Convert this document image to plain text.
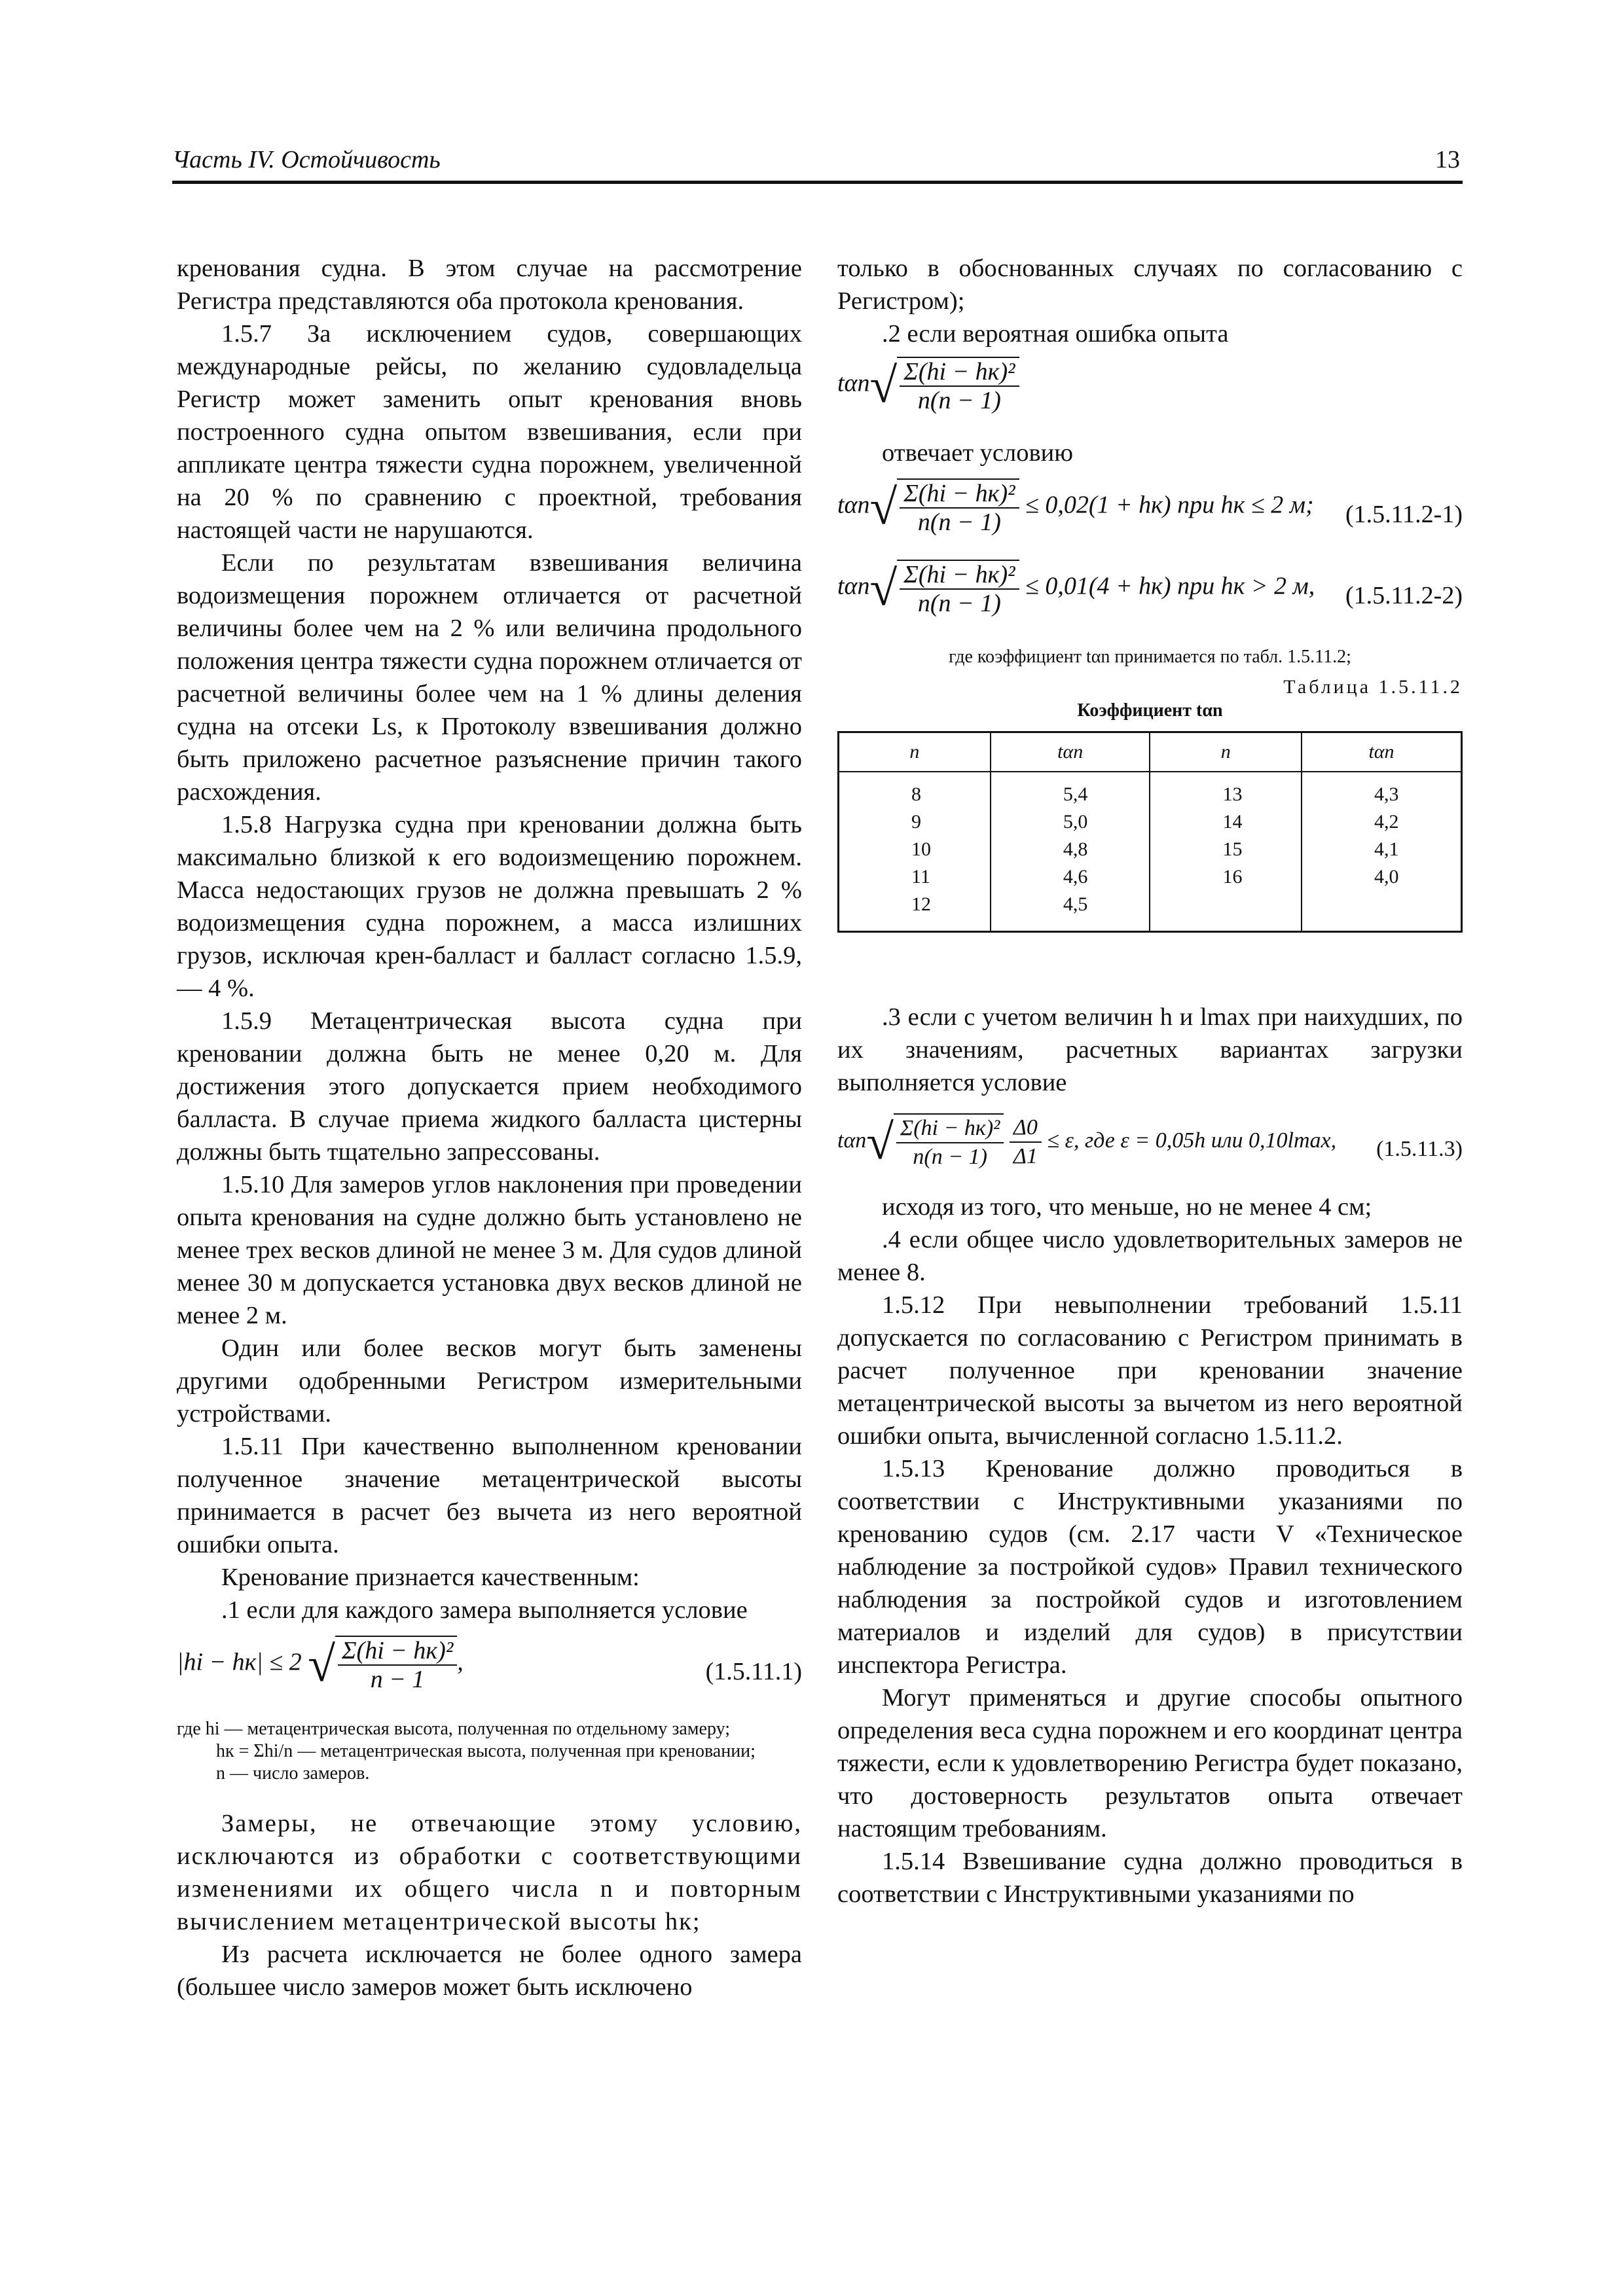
Часть IV. Остойчивость	13

кренования судна. В этом случае на рассмотрение Регистра представляются оба протокола кренования.

1.5.7 За исключением судов, совершающих международные рейсы, по желанию судовладельца Регистр может заменить опыт кренования вновь построенного судна опытом взвешивания, если при аппликате центра тяжести судна порожнем, увеличенной на 20 % по сравнению с проектной, требования настоящей части не нарушаются.

Если по результатам взвешивания величина водоизмещения порожнем отличается от расчетной величины более чем на 2 % или величина продольного положения центра тяжести судна порожнем отличается от расчетной величины более чем на 1 % длины деления судна на отсеки Ls, к Протоколу взвешивания должно быть приложено расчетное разъяснение причин такого расхождения.

1.5.8 Нагрузка судна при креновании должна быть максимально близкой к его водоизмещению порожнем. Масса недостающих грузов не должна превышать 2 % водоизмещения судна порожнем, а масса излишних грузов, исключая крен-балласт и балласт согласно 1.5.9, — 4 %.

1.5.9 Метацентрическая высота судна при креновании должна быть не менее 0,20 м. Для достижения этого допускается прием необходимого балласта. В случае приема жидкого балласта цистерны должны быть тщательно запрессованы.

1.5.10 Для замеров углов наклонения при проведении опыта кренования на судне должно быть установлено не менее трех весков длиной не менее 3 м. Для судов длиной менее 30 м допускается установка двух весков длиной не менее 2 м.

Один или более весков могут быть заменены другими одобренными Регистром измерительными устройствами.

1.5.11 При качественно выполненном креновании полученное значение метацентрической высоты принимается в расчет без вычета из него вероятной ошибки опыта.

Кренование признается качественным:

.1 если для каждого замера выполняется условие

|hi − hк| ≤ 2 √ $\frac{\text{Σ(hi − hк)²}}{n - 1}$ ,	(1.5.11.1)
где hi — метацентрическая высота, полученная по отдельному замеру;
hк = Σhi/n — метацентрическая высота, полученная при креновании;
n — число замеров.

Замеры, не отвечающие этому условию, исключаются из обработки с соответствующими изменениями их общего числа n и повторным вычислением метацентрической высоты hк;

Из расчета исключается не более одного замера (большее число замеров может быть исключено

только в обоснованных случаях по согласованию с Регистром);

.2 если вероятная ошибка опыта

$t\alpha n√ \frac{\text{Σ(hi − hк)²}}{n(n - 1)}$

отвечает условию

$t\alpha n√ \frac{\text{Σ(hi − hк)²}}{n(n - 1)} \le 0,02(1 + hк)$ при hк ≤ 2 м; (1.5.11.2-1)
$t\alpha n√ \frac{\text{Σ(hi − hк)²}}{n(n - 1)} \le 0,01(4 + hк)$ при hк > 2 м, (1.5.11.2-2)

где коэффициент tαn принимается по табл. 1.5.11.2;

Таблица 1.5.11.2
Коэффициент tαn
n	tαn	n	tαn
8	5,4	13	4,3
9	5,0	14	4,2
10	4,8	15	4,1
11	4,6	16	4,0
12	4,5		

.3 если с учетом величин h и lmax при наихудших, по их значениям, расчетных вариантах загрузки выполняется условие

$t\alpha n√ \frac{\text{Σ(hi − hк)²}}{n(n - 1)}$
$\frac{\Delta 0}{\Delta 1} \le \varepsilon$, где ε = 0,05h или 0,10lmax, (1.5.11.3)

исходя из того, что меньше, но не менее 4 см;

.4 если общее число удовлетворительных замеров не менее 8.

1.5.12 При невыполнении требований 1.5.11 допускается по согласованию с Регистром принимать в расчет полученное при креновании значение метацентрической высоты за вычетом из него вероятной ошибки опыта, вычисленной согласно 1.5.11.2.

1.5.13 Кренование должно проводиться в соответствии с Инструктивными указаниями по кренованию судов (см. 2.17 части V «Техническое наблюдение за постройкой судов» Правил технического наблюдения за постройкой судов и изготовлением материалов и изделий для судов) в присутствии инспектора Регистра.

Могут применяться и другие способы опытного определения веса судна порожнем и его координат центра тяжести, если к удовлетворению Регистра будет показано, что достоверность результатов опыта отвечает настоящим требованиям.

1.5.14 Взвешивание судна должно проводиться в соответствии с Инструктивными указаниями по
